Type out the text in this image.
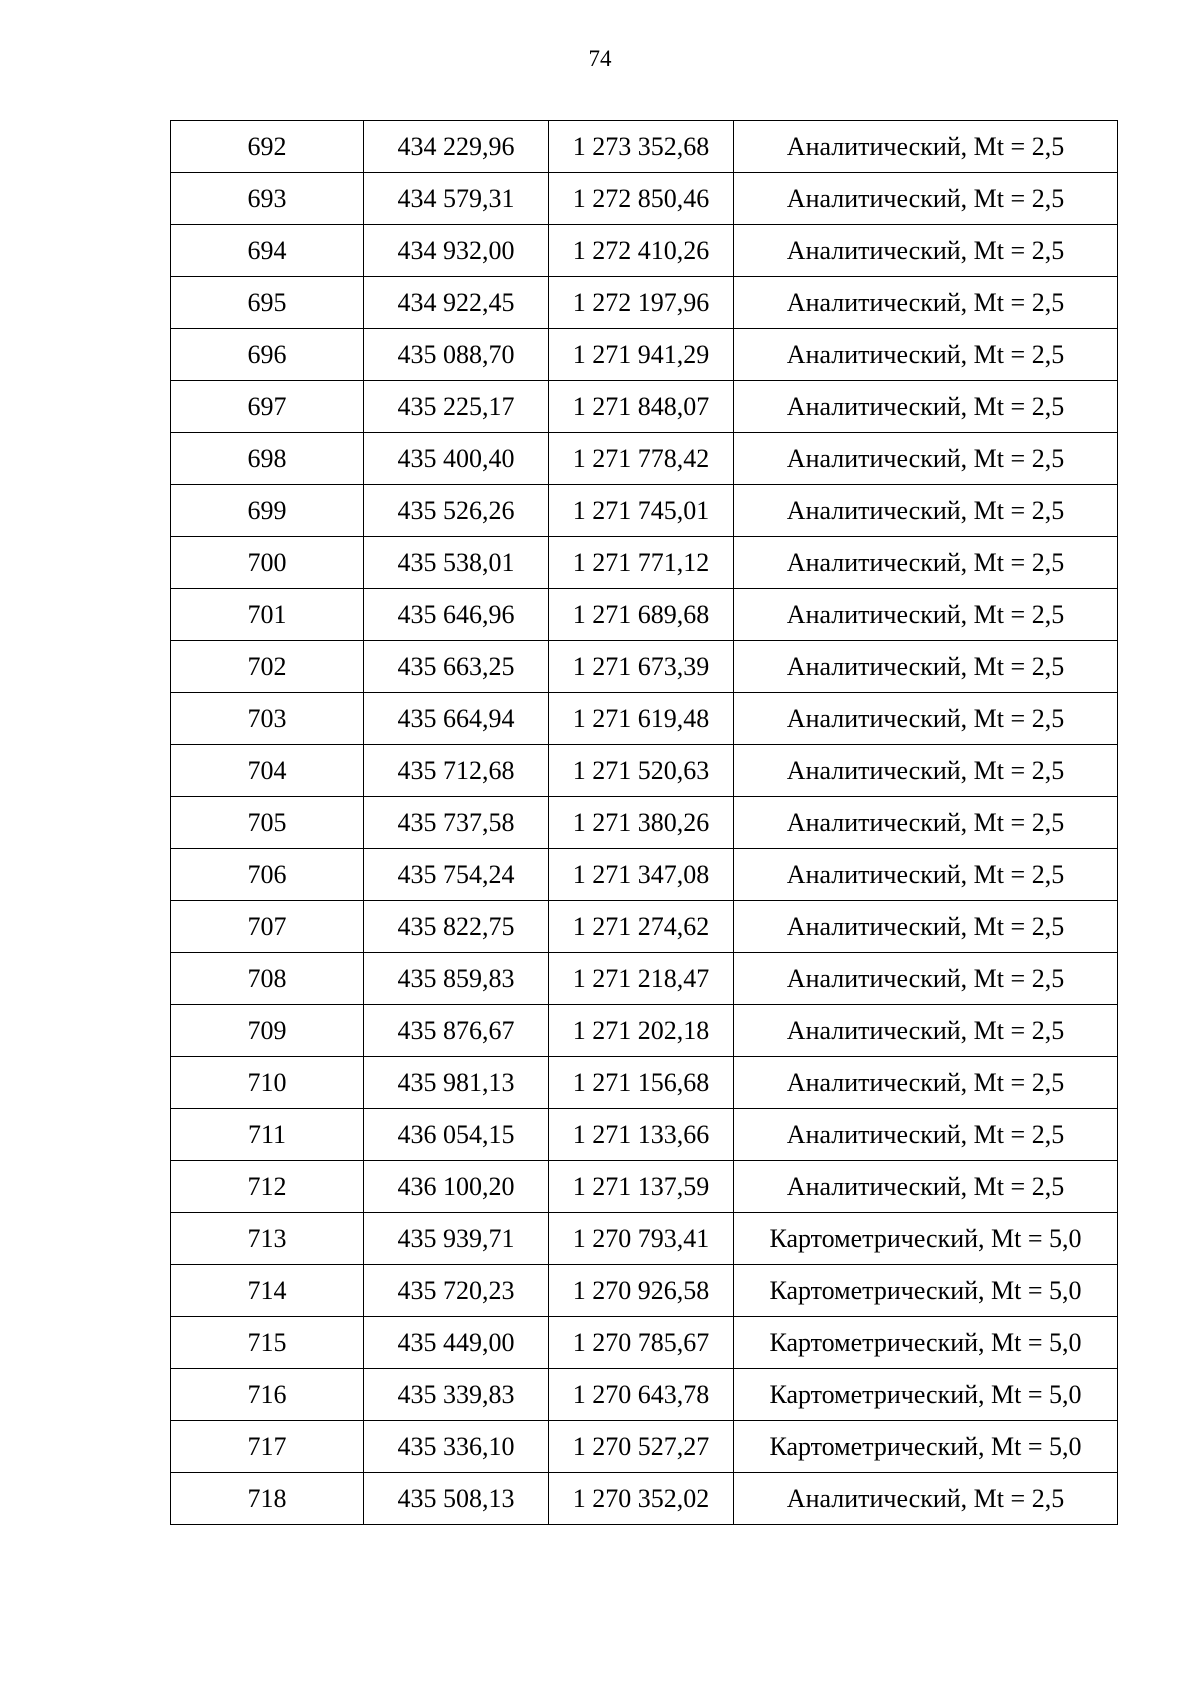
74
692	434 229,96	1 273 352,68	Аналитический, Mt = 2,5
693	434 579,31	1 272 850,46	Аналитический, Mt = 2,5
694	434 932,00	1 272 410,26	Аналитический, Mt = 2,5
695	434 922,45	1 272 197,96	Аналитический, Mt = 2,5
696	435 088,70	1 271 941,29	Аналитический, Mt = 2,5
697	435 225,17	1 271 848,07	Аналитический, Mt = 2,5
698	435 400,40	1 271 778,42	Аналитический, Mt = 2,5
699	435 526,26	1 271 745,01	Аналитический, Mt = 2,5
700	435 538,01	1 271 771,12	Аналитический, Mt = 2,5
701	435 646,96	1 271 689,68	Аналитический, Mt = 2,5
702	435 663,25	1 271 673,39	Аналитический, Mt = 2,5
703	435 664,94	1 271 619,48	Аналитический, Mt = 2,5
704	435 712,68	1 271 520,63	Аналитический, Mt = 2,5
705	435 737,58	1 271 380,26	Аналитический, Mt = 2,5
706	435 754,24	1 271 347,08	Аналитический, Mt = 2,5
707	435 822,75	1 271 274,62	Аналитический, Mt = 2,5
708	435 859,83	1 271 218,47	Аналитический, Mt = 2,5
709	435 876,67	1 271 202,18	Аналитический, Mt = 2,5
710	435 981,13	1 271 156,68	Аналитический, Mt = 2,5
711	436 054,15	1 271 133,66	Аналитический, Mt = 2,5
712	436 100,20	1 271 137,59	Аналитический, Mt = 2,5
713	435 939,71	1 270 793,41	Картометрический, Mt = 5,0
714	435 720,23	1 270 926,58	Картометрический, Mt = 5,0
715	435 449,00	1 270 785,67	Картометрический, Mt = 5,0
716	435 339,83	1 270 643,78	Картометрический, Mt = 5,0
717	435 336,10	1 270 527,27	Картометрический, Mt = 5,0
718	435 508,13	1 270 352,02	Аналитический, Mt = 2,5
